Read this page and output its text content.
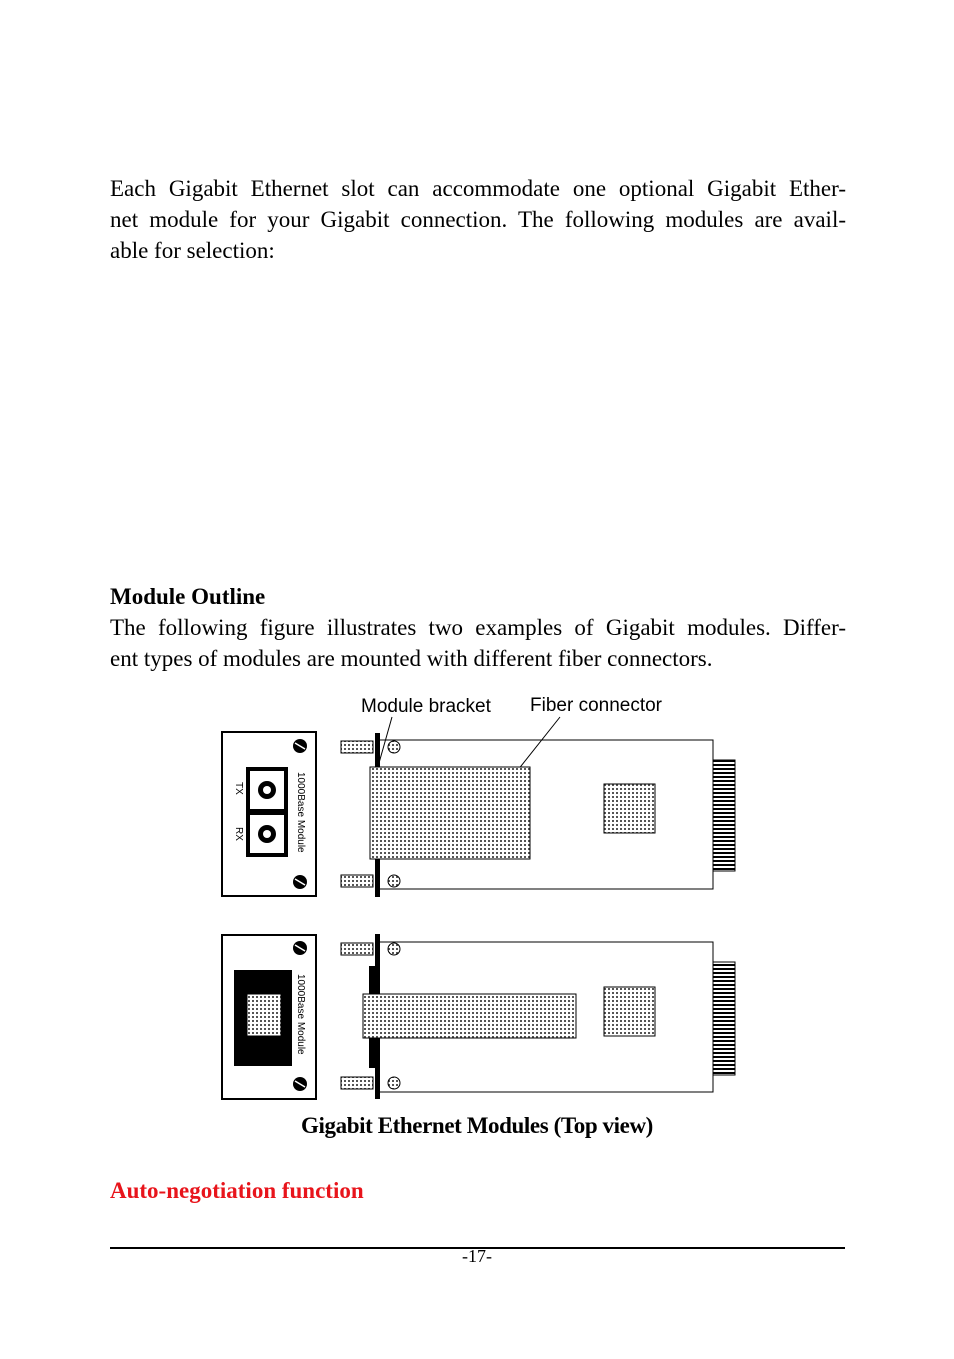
Each Gigabit Ethernet slot can accommodate one optional Gigabit Ether-
net module for your Gigabit connection. The following modules are avail-
able for selection:
Module Outline
The following figure illustrates two examples of Gigabit modules. Differ-
ent types of modules are mounted with different fiber connectors.
Module bracket Fiber connector
TX
RX	1000Base Module
1000Base Module
Gigabit Ethernet Modules (Top view)
Auto-negotiation function
-17-
